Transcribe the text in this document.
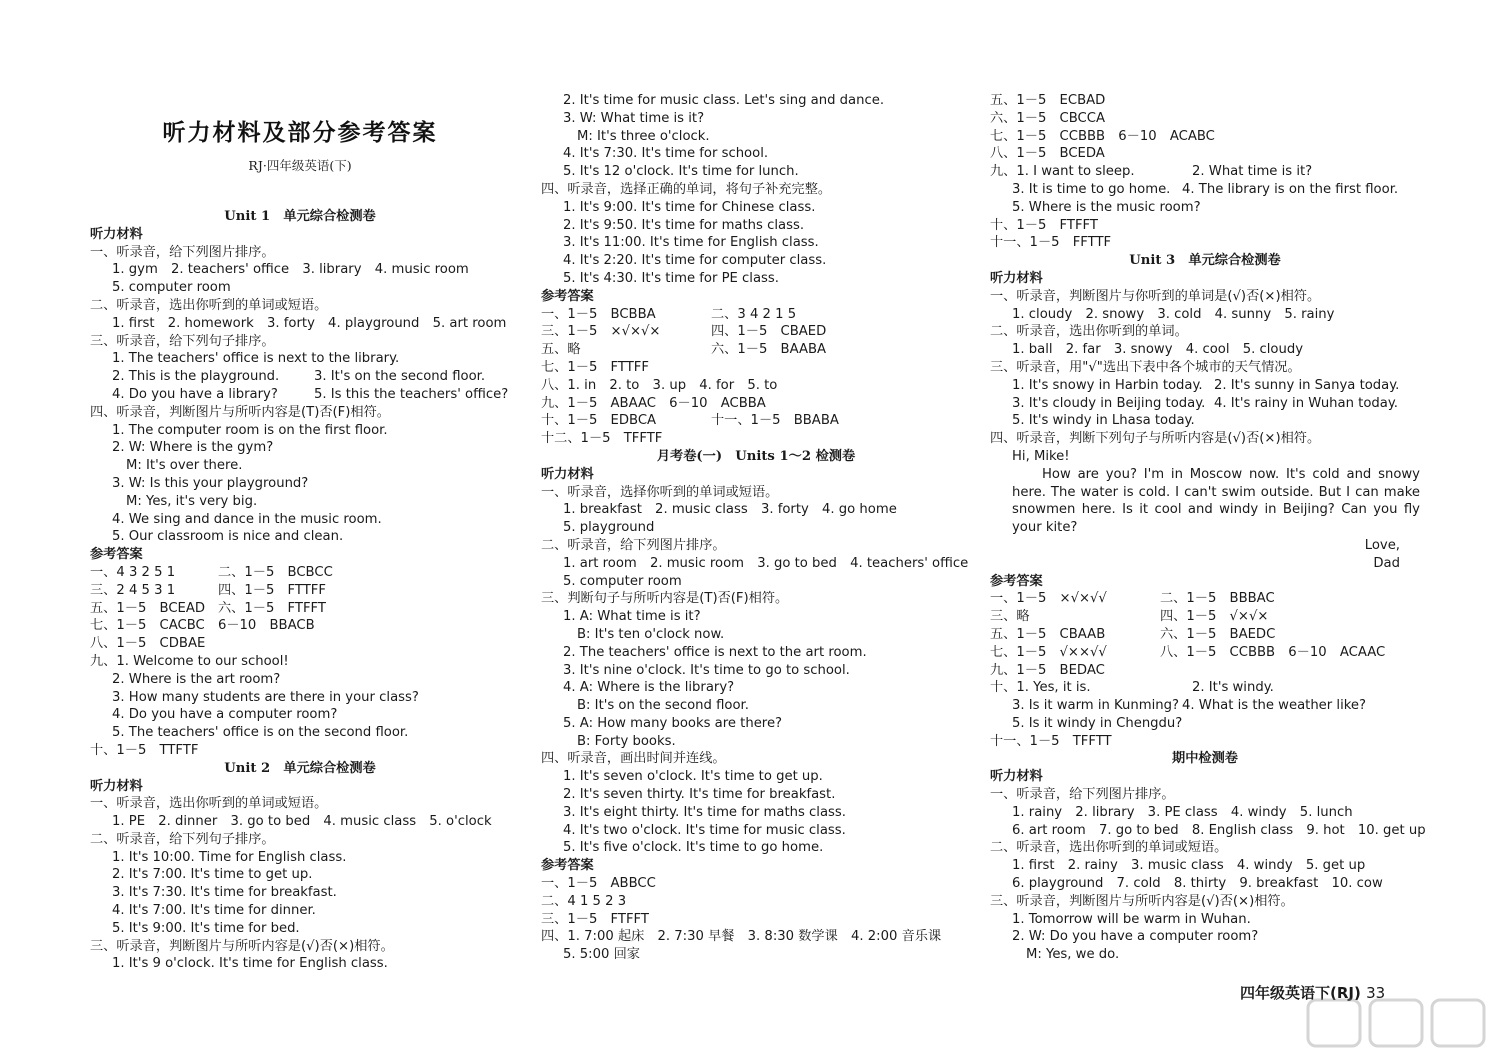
听力材料及部分参考答案
RJ·四年级英语(下)
Unit 1　单元综合检测卷
听力材料
一、听录音，给下列图片排序。
1. gym　2. teachers' office　3. library　4. music room
5. computer room
二、听录音，选出你听到的单词或短语。
1. first　2. homework　3. forty　4. playground　5. art room
三、听录音，给下列句子排序。
1. The teachers' office is next to the library.
2. This is the playground.	3. It's on the second floor.
4. Do you have a library?	5. Is this the teachers' office?
四、听录音，判断图片与所听内容是(T)否(F)相符。
1. The computer room is on the first floor.
2. W: Where is the gym?
M: It's over there.
3. W: Is this your playground?
M: Yes, it's very big.
4. We sing and dance in the music room.
5. Our classroom is nice and clean.
参考答案
一、4 3 2 5 1	二、1－5　BCBCC
三、2 4 5 3 1	四、1－5　FTTFF
五、1－5　BCEAD 六、1－5　FTFFT
七、1－5　CACBC　6－10　BBACB
八、1－5　CDBAE
九、1. Welcome to our school!
2. Where is the art room?
3. How many students are there in your class?
4. Do you have a computer room?
5. The teachers' office is on the second floor.
十、1－5　TTFTF
Unit 2　单元综合检测卷
听力材料
一、听录音，选出你听到的单词或短语。
1. PE　2. dinner　3. go to bed　4. music class　5. o'clock
二、听录音，给下列句子排序。
1. It's 10:00. Time for English class.
2. It's 7:00. It's time to get up.
3. It's 7:30. It's time for breakfast.
4. It's 7:00. It's time for dinner.
5. It's 9:00. It's time for bed.
三、听录音，判断图片与所听内容是(√)否(×)相符。
1. It's 9 o'clock. It's time for English class.
2. It's time for music class. Let's sing and dance.
3. W: What time is it?
M: It's three o'clock.
4. It's 7:30. It's time for school.
5. It's 12 o'clock. It's time for lunch.
四、听录音，选择正确的单词，将句子补充完整。
1. It's 9:00. It's time for Chinese class.
2. It's 9:50. It's time for maths class.
3. It's 11:00. It's time for English class.
4. It's 2:20. It's time for computer class.
5. It's 4:30. It's time for PE class.
参考答案
一、1－5　BCBBA	二、3 4 2 1 5
三、1－5　×√×√×	四、1－5　CBAED
五、略	六、1－5　BAABA
七、1－5　FTTFF
八、1. in　2. to　3. up　4. for　5. to
九、1－5　ABAAC　6－10　ACBBA
十、1－5　EDBCA	十一、1－5　BBABA
十二、1－5　TFFTF
月考卷(一)　Units 1～2 检测卷
听力材料
一、听录音，选择你听到的单词或短语。
1. breakfast　2. music class　3. forty　4. go home
5. playground
二、听录音，给下列图片排序。
1. art room　2. music room　3. go to bed　4. teachers' office
5. computer room
三、判断句子与所听内容是(T)否(F)相符。
1. A: What time is it?
B: It's ten o'clock now.
2. The teachers' office is next to the art room.
3. It's nine o'clock. It's time to go to school.
4. A: Where is the library?
B: It's on the second floor.
5. A: How many books are there?
B: Forty books.
四、听录音，画出时间并连线。
1. It's seven o'clock. It's time to get up.
2. It's seven thirty. It's time for breakfast.
3. It's eight thirty. It's time for maths class.
4. It's two o'clock. It's time for music class.
5. It's five o'clock. It's time to go home.
参考答案
一、1－5　ABBCC
二、4 1 5 2 3
三、1－5　FTFFT
四、1. 7:00 起床　2. 7:30 早餐　3. 8:30 数学课　4. 2:00 音乐课
5. 5:00 回家
五、1－5　ECBAD
六、1－5　CBCCA
七、1－5　CCBBB　6－10　ACABC
八、1－5　BCEDA
九、1. I want to sleep.	2. What time is it?
3. It is time to go home. 4. The library is on the first floor.
5. Where is the music room?
十、1－5　FTFFT
十一、1－5　FFTTF
Unit 3　单元综合检测卷
听力材料
一、听录音，判断图片与你听到的单词是(√)否(×)相符。
1. cloudy　2. snowy　3. cold　4. sunny　5. rainy
二、听录音，选出你听到的单词。
1. ball　2. far　3. snowy　4. cool　5. cloudy
三、听录音，用"√"选出下表中各个城市的天气情况。
1. It's snowy in Harbin today. 2. It's sunny in Sanya today.
3. It's cloudy in Beijing today. 4. It's rainy in Wuhan today.
5. It's windy in Lhasa today.
四、听录音，判断下列句子与所听内容是(√)否(×)相符。
Hi, Mike!
How are you? I'm in Moscow now. It's cold and snowy here. The water is cold. I can't swim outside. But I can make snowmen here. Is it cool and windy in Beijing? Can you fly your kite?
Love,
Dad
参考答案
一、1－5　×√×√√	二、1－5　BBBAC
三、略	四、1－5　√×√×
五、1－5　CBAAB	六、1－5　BAEDC
七、1－5　√××√√	八、1－5　CCBBB　6－10　ACAAC
九、1－5　BEDAC
十、1. Yes, it is.	2. It's windy.
3. Is it warm in Kunming? 4. What is the weather like?
5. Is it windy in Chengdu?
十一、1－5　TFFTT
期中检测卷
听力材料
一、听录音，给下列图片排序。
1. rainy　2. library　3. PE class　4. windy　5. lunch
6. art room　7. go to bed　8. English class　9. hot　10. get up
二、听录音，选出你听到的单词或短语。
1. first　2. rainy　3. music class　4. windy　5. get up
6. playground　7. cold　8. thirty　9. breakfast　10. cow
三、听录音，判断图片与所听内容是(√)否(×)相符。
1. Tomorrow will be warm in Wuhan.
2. W: Do you have a computer room?
M: Yes, we do.
四年级英语下(RJ) 33
